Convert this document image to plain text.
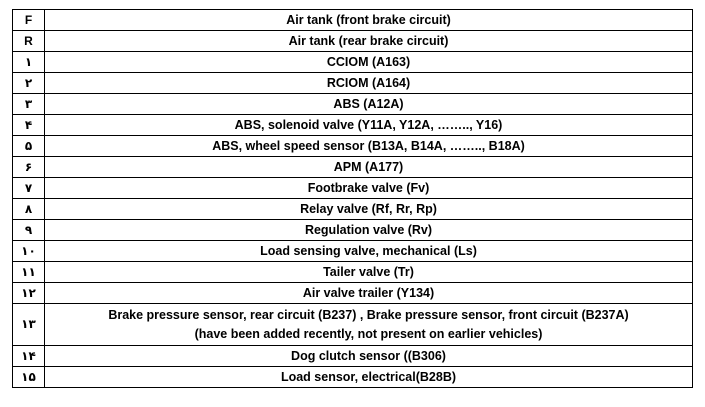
F	Air tank (front brake circuit)
R	Air tank (rear brake circuit)
۱	CCIOM (A163)
۲	RCIOM (A164)
۳	ABS (A12A)
۴	ABS, solenoid valve (Y11A, Y12A, …….., Y16)
۵	ABS, wheel speed sensor (B13A, B14A, …….., B18A)
۶	APM (A177)
۷	Footbrake valve (Fv)
۸	Relay valve (Rf, Rr, Rp)
۹	Regulation valve (Rv)
۱۰	Load sensing valve, mechanical (Ls)
۱۱	Tailer valve (Tr)
۱۲	Air valve trailer (Y134)
۱۳	Brake pressure sensor, rear circuit (B237) , Brake pressure sensor, front circuit (B237A)
(have been added recently, not present on earlier vehicles)

۱۴	Dog clutch sensor ((B306)
۱۵	Load sensor, electrical(B28B)
